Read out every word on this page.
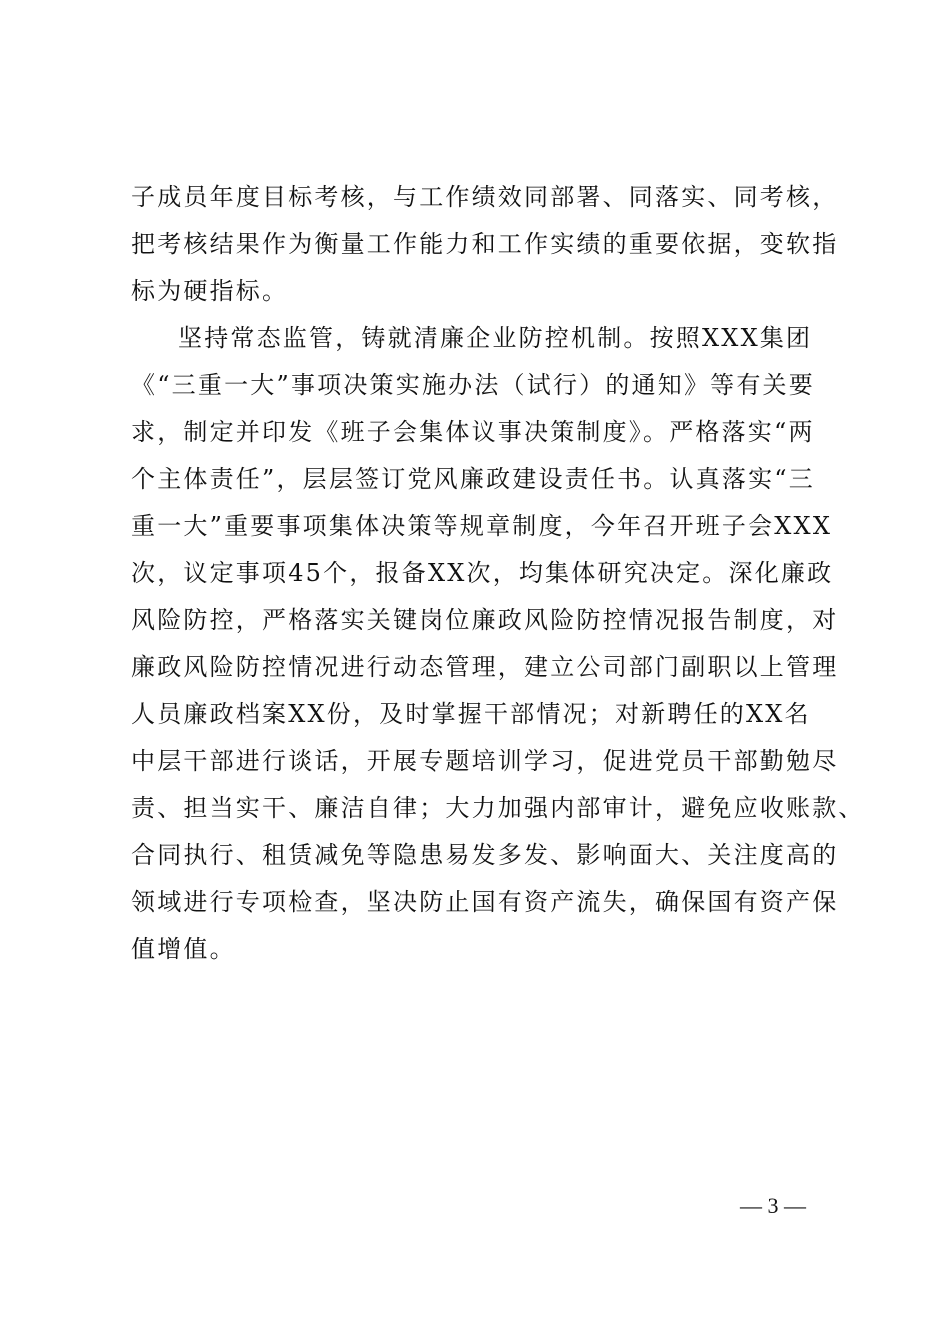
子成员年度目标考核，与工作绩效同部署、同落实、同考核，
把考核结果作为衡量工作能力和工作实绩的重要依据，变软指
标为硬指标。
坚持常态监管，铸就清廉企业防控机制。按照XXX集团
《“三重一大”事项决策实施办法（试行）的通知》等有关要
求，制定并印发《班子会集体议事决策制度》。严格落实“两
个主体责任”，层层签订党风廉政建设责任书。认真落实“三
重一大”重要事项集体决策等规章制度，今年召开班子会XXX
次，议定事项45个，报备XX次，均集体研究决定。深化廉政
风险防控，严格落实关键岗位廉政风险防控情况报告制度，对
廉政风险防控情况进行动态管理，建立公司部门副职以上管理
人员廉政档案XX份，及时掌握干部情况；对新聘任的XX名
中层干部进行谈话，开展专题培训学习，促进党员干部勤勉尽
责、担当实干、廉洁自律；大力加强内部审计，避免应收账款、
合同执行、租赁减免等隐患易发多发、影响面大、关注度高的
领域进行专项检查，坚决防止国有资产流失，确保国有资产保
值增值。
— 3 —
